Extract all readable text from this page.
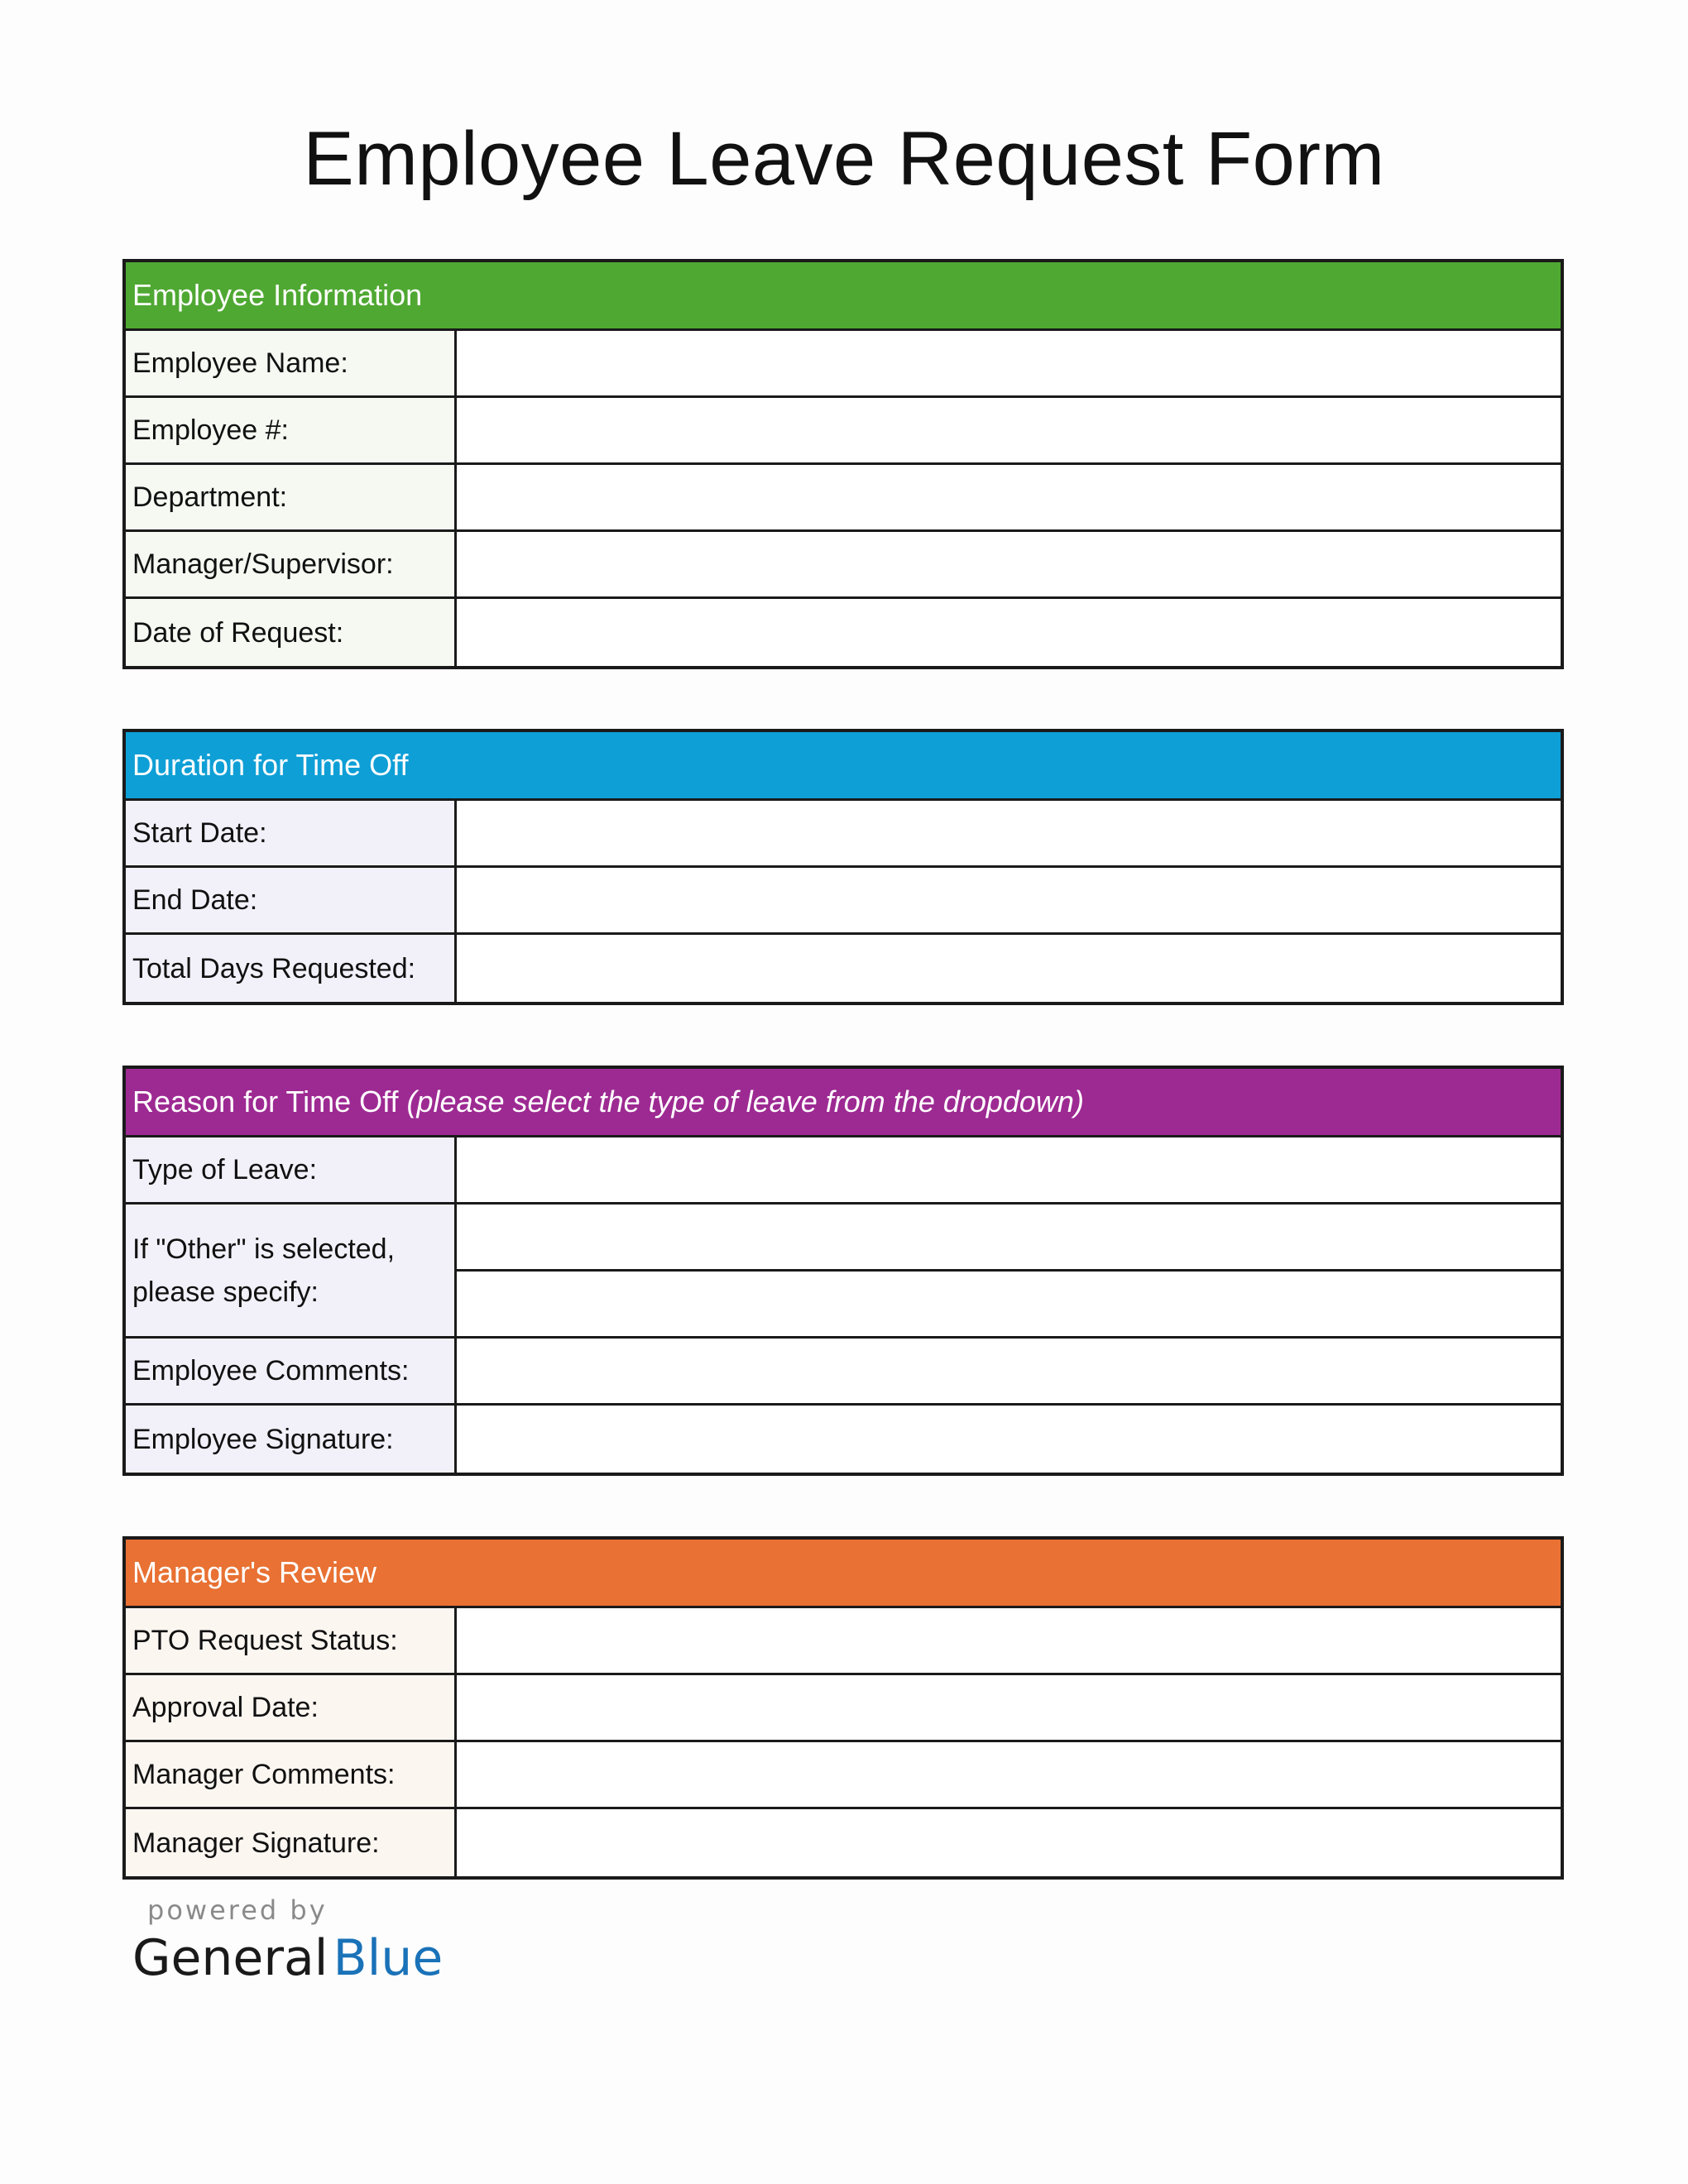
Employee Leave Request Form
Employee Information
Employee Name:
Employee #:
Department:
Manager/Supervisor:
Date of Request:
Duration for Time Off
Start Date:
End Date:
Total Days Requested:
Reason for Time Off (please select the type of leave from the dropdown)
Type of Leave:
If "Other" is selected, please specify:
Employee Comments:
Employee Signature:
Manager's Review
PTO Request Status:
Approval Date:
Manager Comments:
Manager Signature:
powered by
General Blue
